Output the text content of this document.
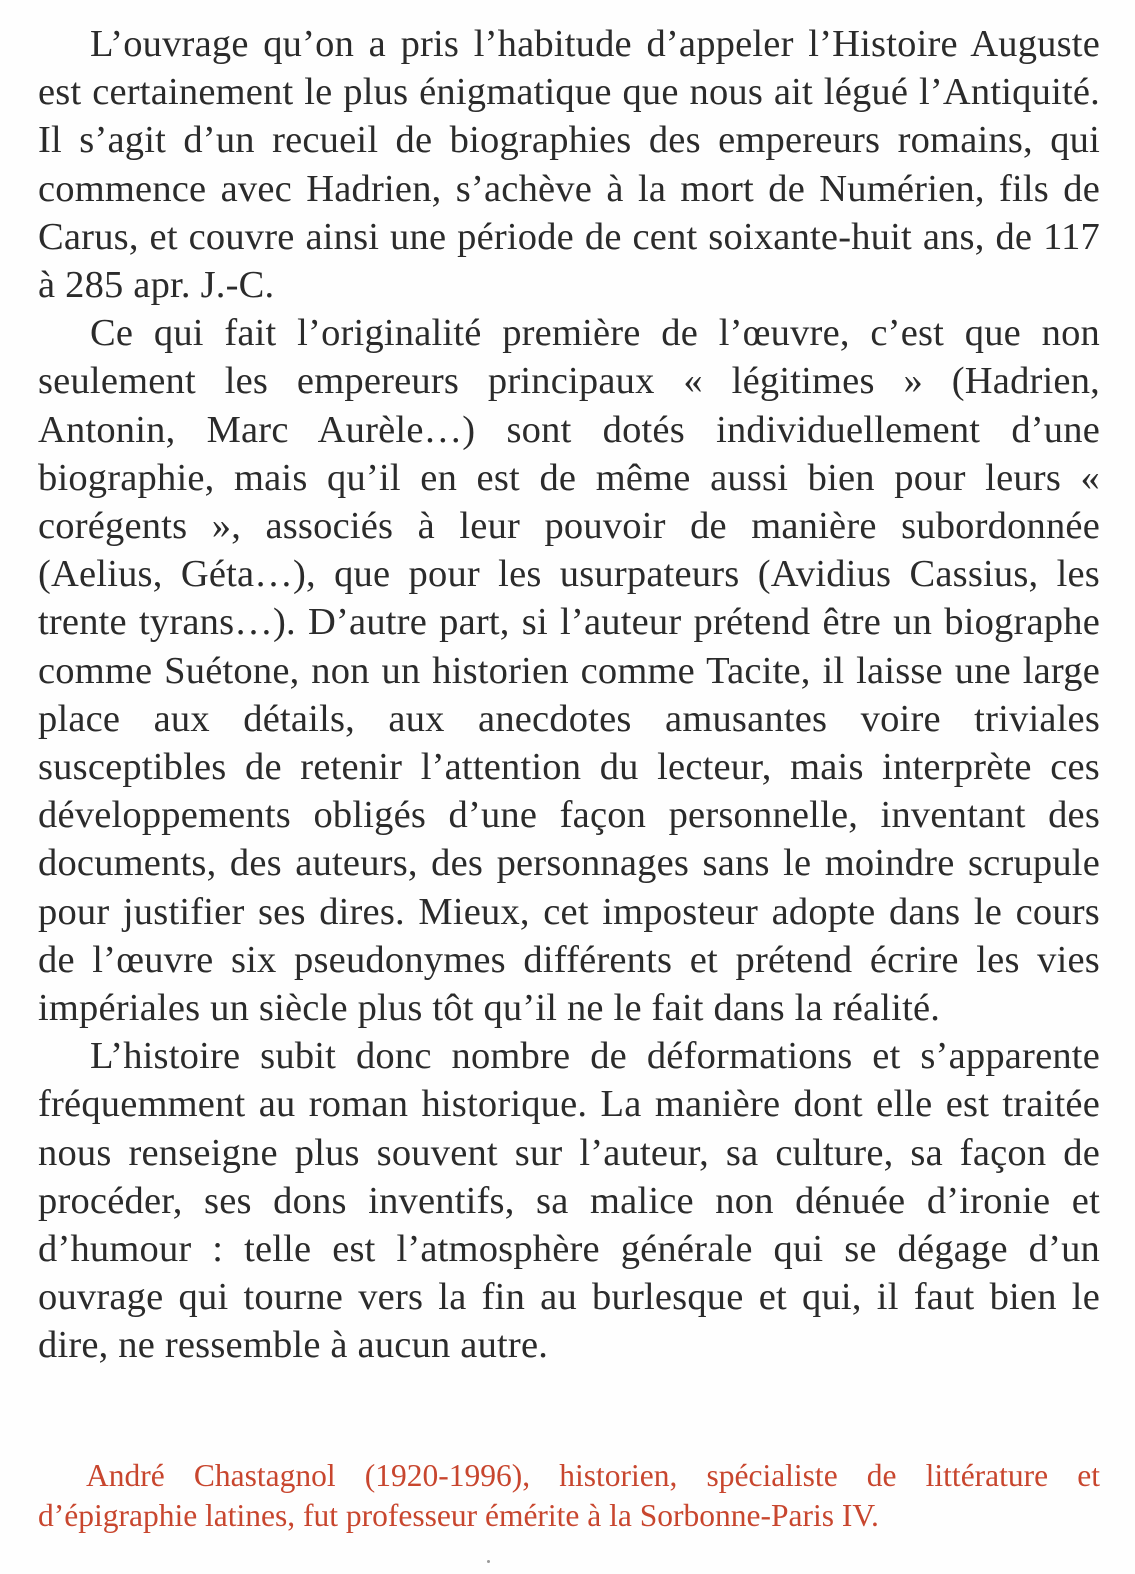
L’ouvrage qu’on a pris l’habitude d’appeler l’Histoire Auguste est certainement le plus énigmatique que nous ait légué l’Antiquité. Il s’agit d’un recueil de biographies des empereurs romains, qui commence avec Hadrien, s’achève à la mort de Numérien, fils de Carus, et couvre ainsi une période de cent soixante-huit ans, de 117 à 285 apr. J.-C.

Ce qui fait l’originalité première de l’œuvre, c’est que non seulement les empereurs principaux « légitimes » (Hadrien, Antonin, Marc Aurèle…) sont dotés individuellement d’une biographie, mais qu’il en est de même aussi bien pour leurs « corégents », associés à leur pouvoir de manière subordonnée (Aelius, Géta…), que pour les usurpateurs (Avidius Cassius, les trente tyrans…). D’autre part, si l’auteur prétend être un biographe comme Suétone, non un historien comme Tacite, il laisse une large place aux détails, aux anecdotes amusantes voire triviales susceptibles de retenir l’attention du lecteur, mais interprète ces développements obligés d’une façon personnelle, inventant des documents, des auteurs, des personnages sans le moindre scrupule pour justifier ses dires. Mieux, cet imposteur adopte dans le cours de l’œuvre six pseudonymes différents et prétend écrire les vies impériales un siècle plus tôt qu’il ne le fait dans la réalité.

L’histoire subit donc nombre de déformations et s’apparente fréquemment au roman historique. La manière dont elle est traitée nous renseigne plus souvent sur l’auteur, sa culture, sa façon de procéder, ses dons inventifs, sa malice non dénuée d’ironie et d’humour : telle est l’atmosphère générale qui se dégage d’un ouvrage qui tourne vers la fin au burlesque et qui, il faut bien le dire, ne ressemble à aucun autre.

André Chastagnol (1920-1996), historien, spécialiste de littérature et d’épigraphie latines, fut professeur émérite à la Sorbonne-Paris IV.
